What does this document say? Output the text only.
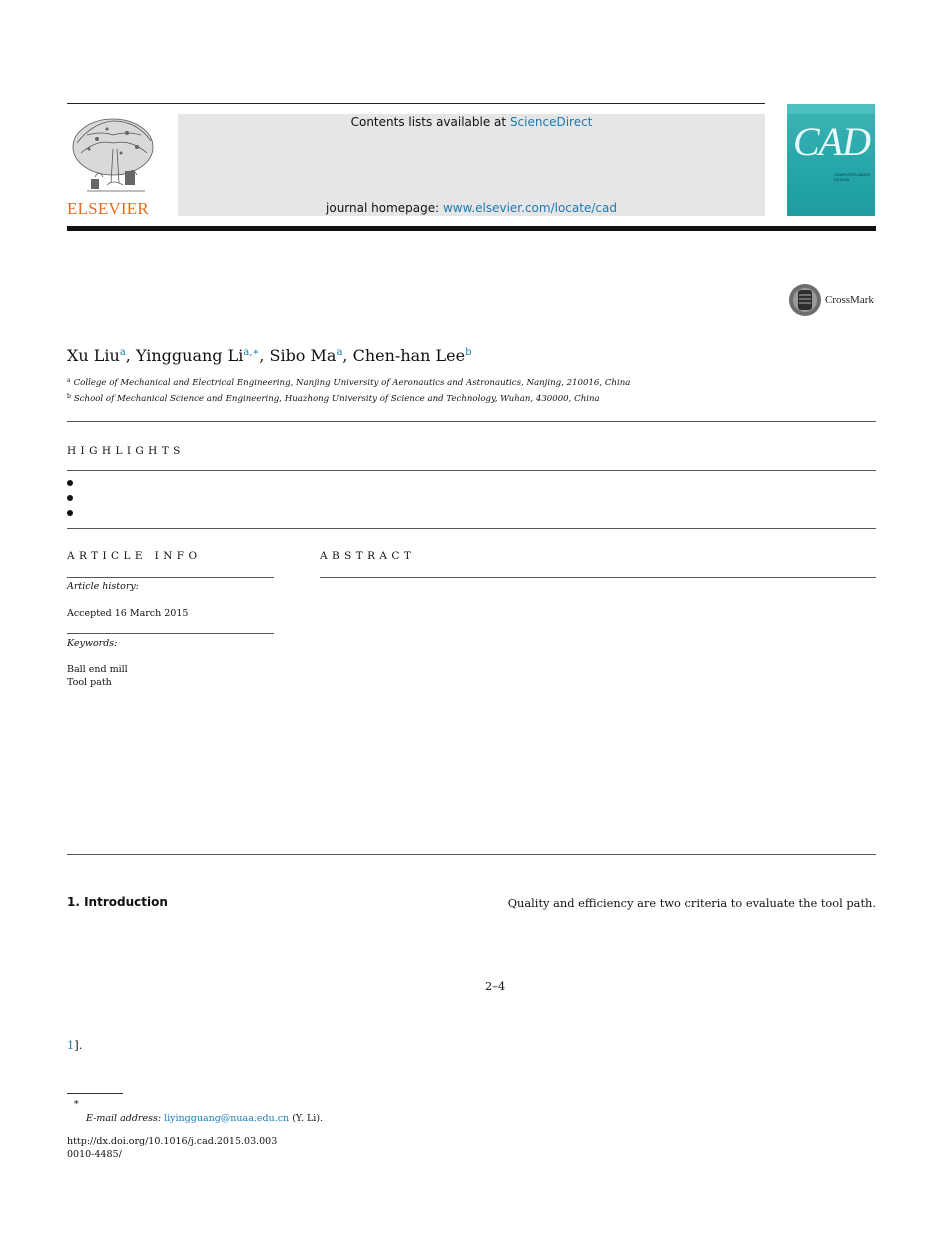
ELSEVIER
Contents lists available at ScienceDirect
journal homepage: www.elsevier.com/locate/cad
CAD
COMPUTER-AIDED DESIGN
CrossMark
Xu Liu$^a$, Yingguang $Li^{a,∗}$, Sibo Ma$^a$, Chen-han Lee$^b$
$^a$ College of Mechanical and Electrical Engineering, Nanjing University of Aeronautics and Astronautics, Nanjing, 210016, China
$^b$ School of Mechanical Science and Engineering, Huazhong University of Science and Technology, Wuhan, 430000, China
HIGHLIGHTS
ARTICLE INFO
Article history:
Accepted 16 March 2015
Keywords:
Ball end mill
Tool path
ABSTRACT
1. Introduction	Quality and efficiency are two criteria to evaluate the tool path.
2–4
1].
∗
E-mail address: liyingguang@nuaa.edu.cn (Y. Li).
http://dx.doi.org/10.1016/j.cad.2015.03.003
0010-4485/
